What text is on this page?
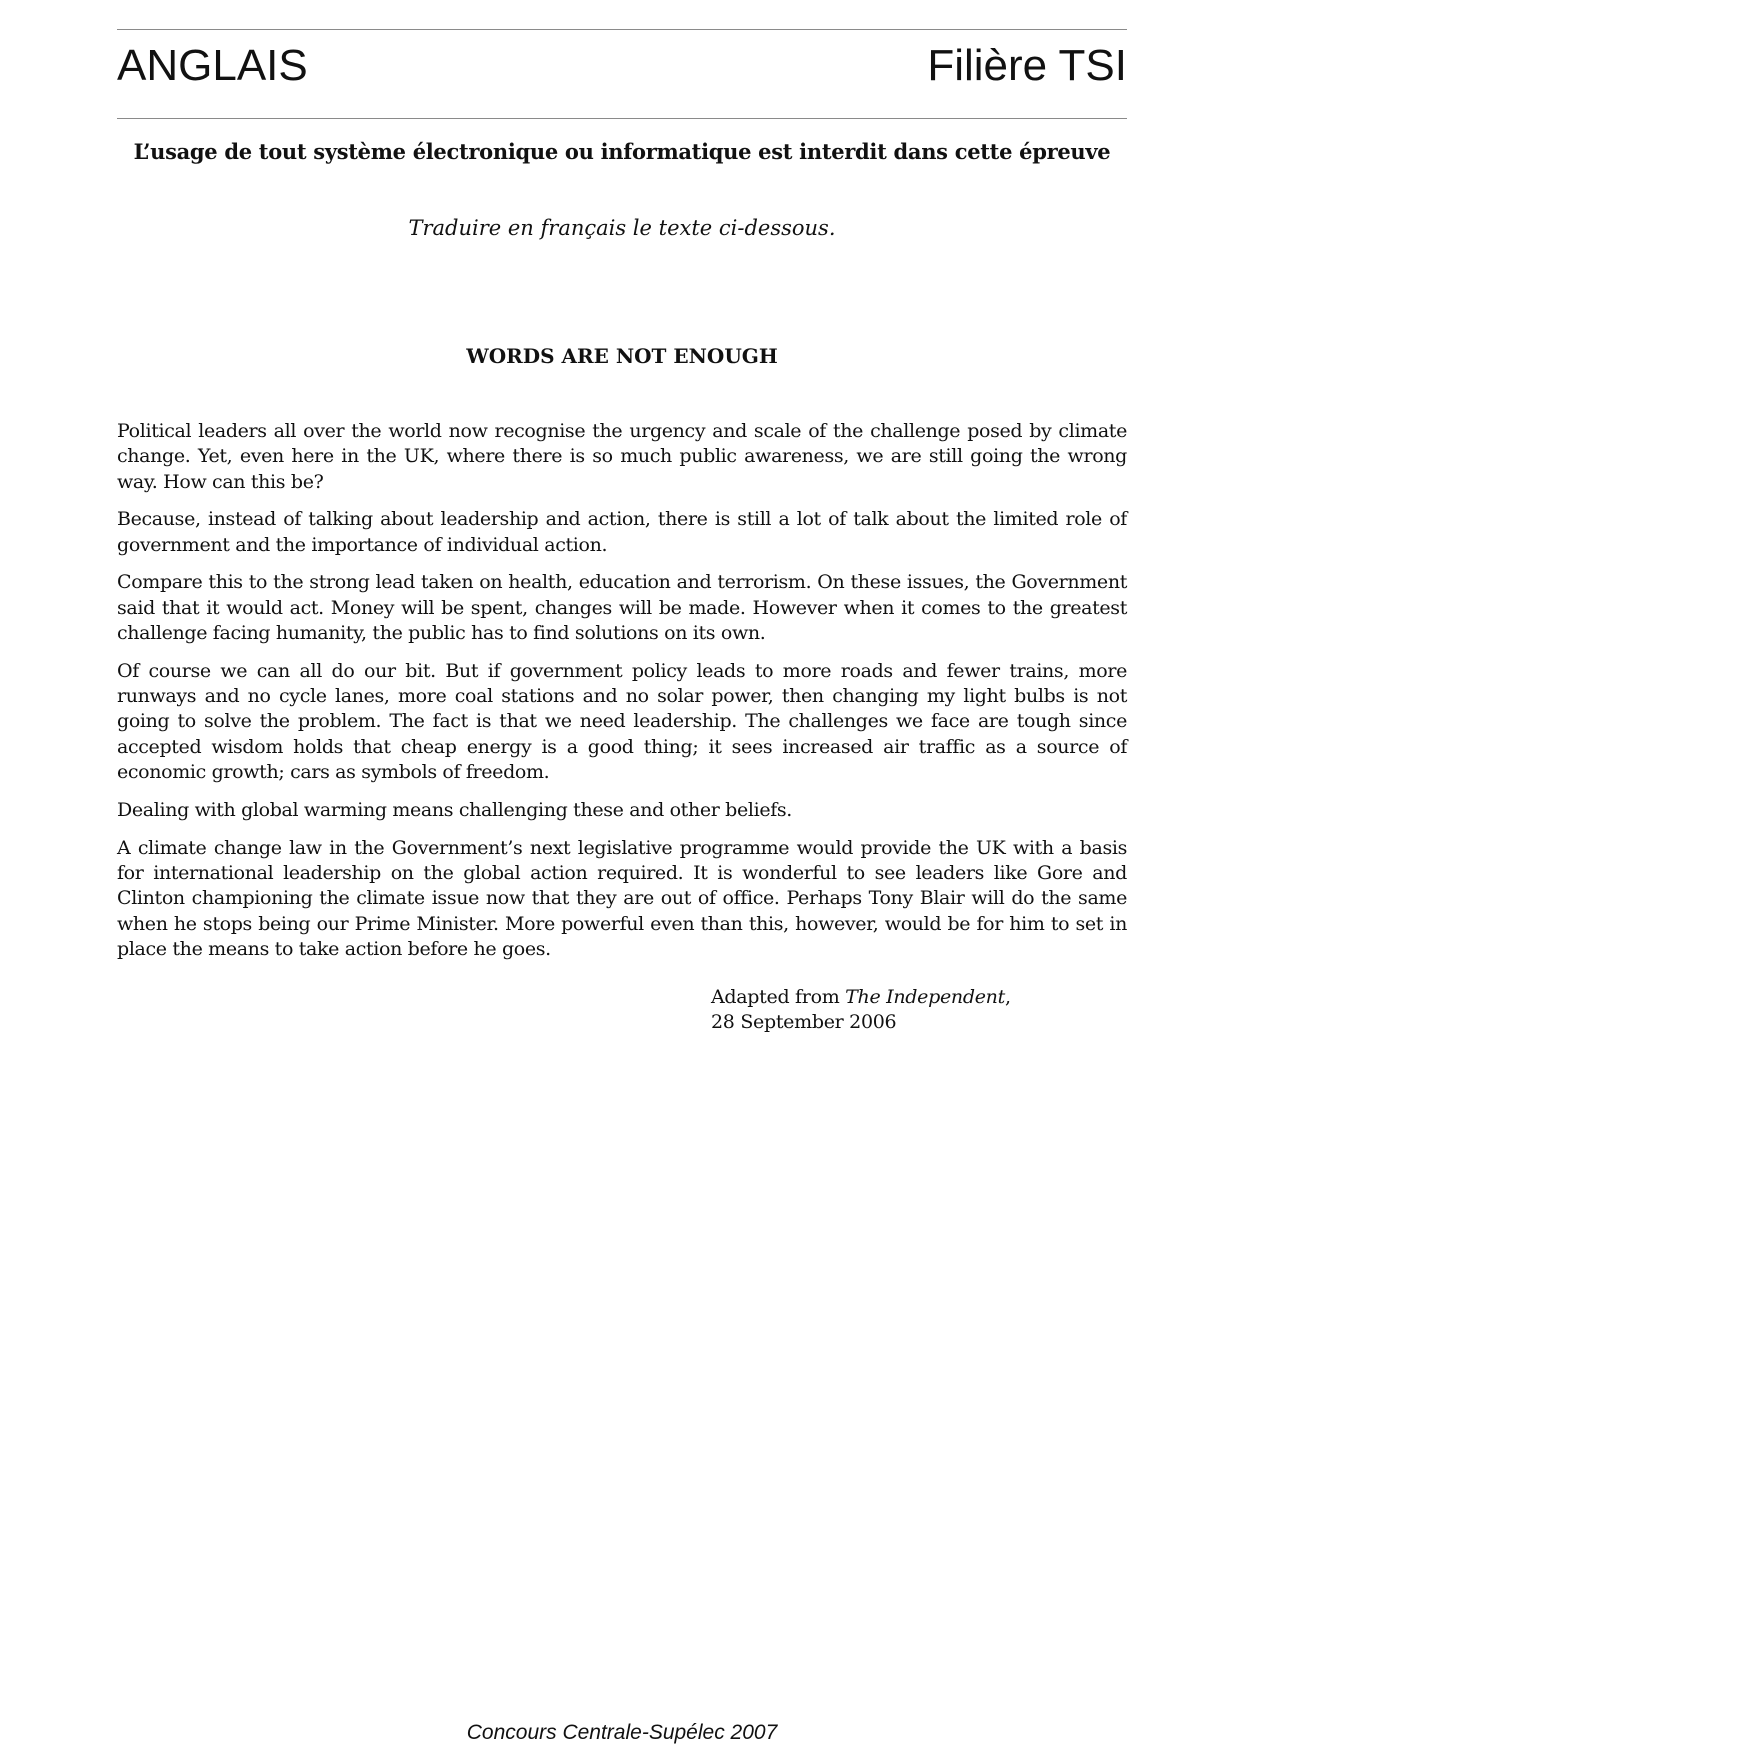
ANGLAIS	Filière TSI
L’usage de tout système électronique ou informatique est interdit dans cette épreuve
Traduire en français le texte ci-dessous.
WORDS ARE NOT ENOUGH

Political leaders all over the world now recognise the urgency and scale of the challenge posed by climate change. Yet, even here in the UK, where there is so much public awareness, we are still going the wrong way. How can this be?

Because, instead of talking about leadership and action, there is still a lot of talk about the limited role of government and the importance of individual action.

Compare this to the strong lead taken on health, education and terrorism. On these issues, the Government said that it would act. Money will be spent, changes will be made. However when it comes to the greatest challenge facing humanity, the public has to find solutions on its own.

Of course we can all do our bit. But if government policy leads to more roads and fewer trains, more runways and no cycle lanes, more coal stations and no solar power, then changing my light bulbs is not going to solve the problem. The fact is that we need leadership. The challenges we face are tough since accepted wisdom holds that cheap energy is a good thing; it sees increased air traffic as a source of economic growth; cars as symbols of freedom.

Dealing with global warming means challenging these and other beliefs.

A climate change law in the Government’s next legislative programme would provide the UK with a basis for international leadership on the global action required. It is wonderful to see leaders like Gore and Clinton championing the climate issue now that they are out of office. Perhaps Tony Blair will do the same when he stops being our Prime Minister. More powerful even than this, however, would be for him to set in place the means to take action before he goes.

Adapted from The Independent,
28 September 2006
Concours Centrale-Supélec 2007
